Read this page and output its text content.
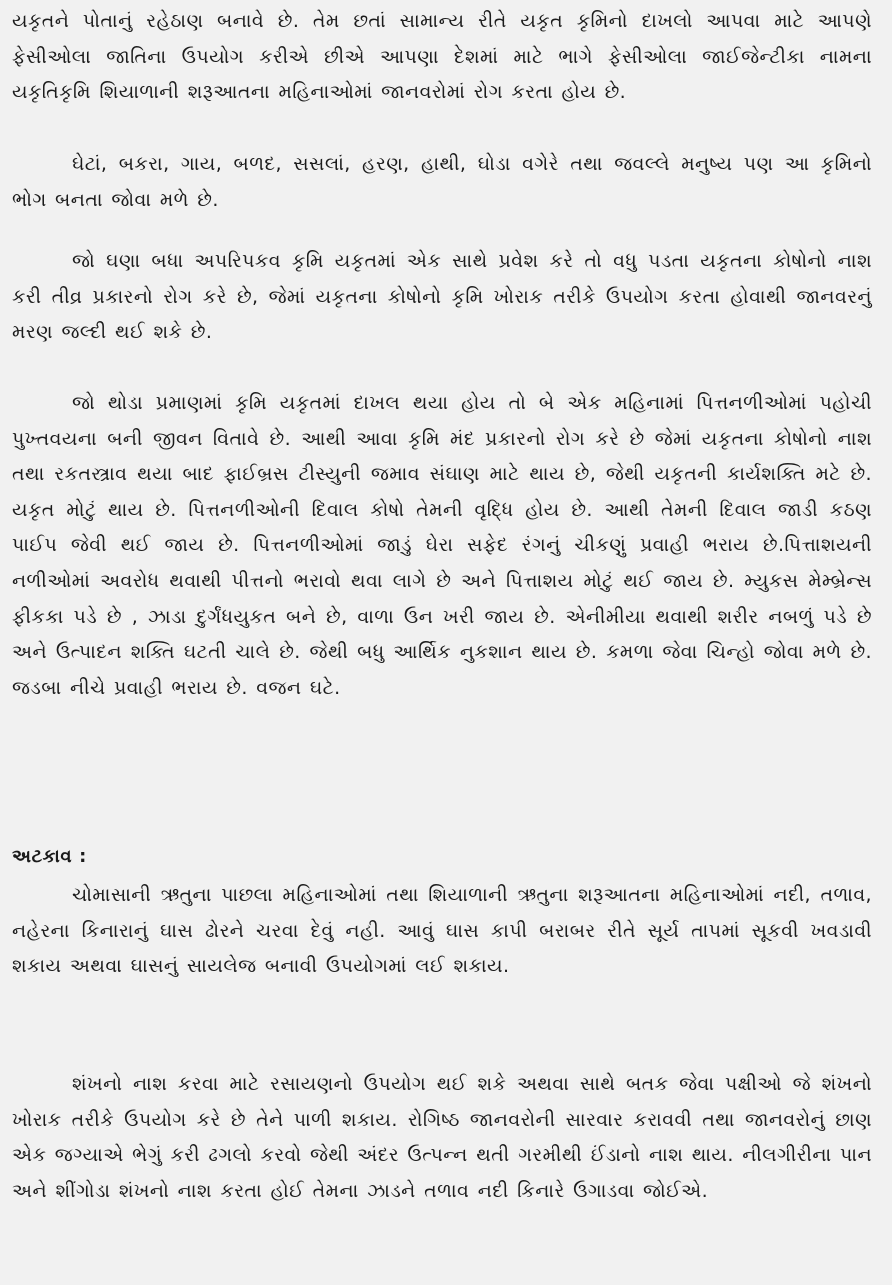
યકૃતને પોતાનું રહેઠાણ બનાવે છે. તેમ છતાં સામાન્ય રીતે યકૃત કૃમિનો દાખલો આપવા માટે આપણે ફેસીઓલા જાતિના ઉપયોગ કરીએ છીએ આપણા દેશમાં માટે ભાગે ફેસીઓલા જાઈજેન્ટીકા નામના યકૃતિકૃમિ શિયાળાની શરૂઆતના મહિનાઓમાં જાનવરોમાં રોગ કરતા હોય છે.

ઘેટાં, બકરા, ગાય, બળદ, સસલાં, હરણ, હાથી, ઘોડા વગેરે તથા જવલ્લે મનુષ્ય પણ આ કૃમિનો ભોગ બનતા જોવા મળે છે.

જો ઘણા બધા અપરિપકવ કૃમિ યકૃતમાં એક સાથે પ્રવેશ કરે તો વધુ પડતા યકૃતના કોષોનો નાશ કરી તીવ્ર પ્રકારનો રોગ કરે છે, જેમાં યકૃતના કોષોનો કૃમિ ખોરાક તરીકે ઉપયોગ કરતા હોવાથી જાનવરનું મરણ જલ્દી થઈ શકે છે.

જો થોડા પ્રમાણમાં કૃમિ યકૃતમાં દાખલ થયા હોય તો બે એક મહિનામાં પિત્તનળીઓમાં પહોચી પુખ્તવયના બની જીવન વિતાવે છે. આથી આવા કૃમિ મંદ પ્રકારનો રોગ કરે છે જેમાં યકૃતના કોષોનો નાશ તથા રકતસ્ત્રાવ થયા બાદ ફાઈબ્રસ ટીસ્યુની જમાવ સંઘાણ માટે થાય છે, જેથી યકૃતની કાર્યશક્તિ મટે છે. યકૃત મોટું થાય છે. પિત્તનળીઓની દિવાલ કોષો તેમની વૃદ્ધિ હોય છે. આથી તેમની દિવાલ જાડી કઠણ પાઈપ જેવી થઈ જાય છે. પિત્તનળીઓમાં જાડું ઘેરા સફેદ રંગનું ચીકણું પ્રવાહી ભરાય છે.પિત્તાશયની નળીઓમાં અવરોધ થવાથી પીત્તનો ભરાવો થવા લાગે છે અને પિત્તાશય મોટું થઈ જાય છે. મ્યુકસ મેમ્બ્રેન્સ ફીકકા પડે છે , ઝાડા દુર્ગંધયુકત બને છે, વાળા ઉન ખરી જાય છે. એનીમીયા થવાથી શરીર નબળું પડે છે અને ઉત્પાદન શક્તિ ઘટતી ચાલે છે. જેથી બધુ આર્થિક નુકશાન થાય છે. કમળા જેવા ચિન્હો જોવા મળે છે. જડબા નીચે પ્રવાહી ભરાય છે. વજન ઘટે.

અટકાવ :

ચોમાસાની ઋતુના પાછલા મહિનાઓમાં તથા શિયાળાની ઋતુના શરૂઆતના મહિનાઓમાં નદી, તળાવ, નહેરના કિનારાનું ઘાસ ઢોરને ચરવા દેવું નહી. આવું ઘાસ કાપી બરાબર રીતે સૂર્ય તાપમાં સૂકવી ખવડાવી શકાય અથવા ઘાસનું સાયલેજ બનાવી ઉપયોગમાં લઈ શકાય.

શંખનો નાશ કરવા માટે રસાયણનો ઉપયોગ થઈ શકે અથવા સાથે બતક જેવા પક્ષીઓ જે શંખનો ખોરાક તરીકે ઉપયોગ કરે છે તેને પાળી શકાય. રોગિષ્ઠ જાનવરોની સારવાર કરાવવી તથા જાનવરોનું છાણ એક જગ્યાએ ભેગું કરી ઢગલો કરવો જેથી અંદર ઉત્પન્ન થતી ગરમીથી ઈંડાનો નાશ થાય. નીલગીરીના પાન અને શીંગોડા શંખનો નાશ કરતા હોઈ તેમના ઝાડને તળાવ નદી કિનારે ઉગાડવા જોઈએ.
